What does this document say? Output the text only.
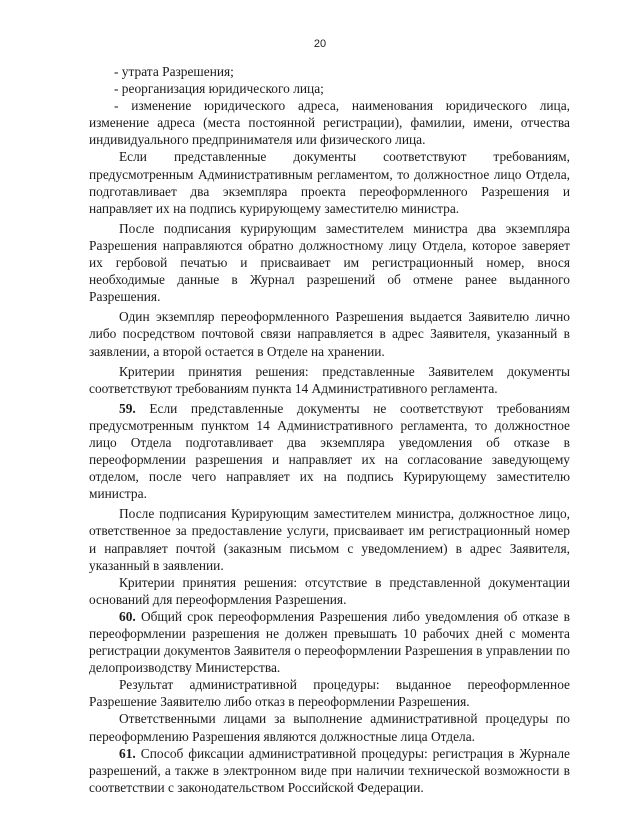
20

- утрата Разрешения;

- реорганизация юридического лица;

- изменение юридического адреса, наименования юридического лица, изменение адреса (места постоянной регистрации), фамилии, имени, отчества индивидуального предпринимателя или физического лица.

Если представленные документы соответствуют требованиям, предусмотренным Административным регламентом, то должностное лицо Отдела, подготавливает два экземпляра проекта переоформленного Разрешения и направляет их на подпись курирующему заместителю министра.

После подписания курирующим заместителем министра два экземпляра Разрешения направляются обратно должностному лицу Отдела, которое заверяет их гербовой печатью и присваивает им регистрационный номер, внося необходимые данные в Журнал разрешений об отмене ранее выданного Разрешения.

Один экземпляр переоформленного Разрешения выдается Заявителю лично либо посредством почтовой связи направляется в адрес Заявителя, указанный в заявлении, а второй остается в Отделе на хранении.

Критерии принятия решения: представленные Заявителем документы соответствуют требованиям пункта 14 Административного регламента.

59. Если представленные документы не соответствуют требованиям предусмотренным пунктом 14 Административного регламента, то должностное лицо Отдела подготавливает два экземпляра уведомления об отказе в переоформлении разрешения и направляет их на согласование заведующему отделом, после чего направляет их на подпись Курирующему заместителю министра.

После подписания Курирующим заместителем министра, должностное лицо, ответственное за предоставление услуги, присваивает им регистрационный номер и направляет почтой (заказным письмом с уведомлением) в адрес Заявителя, указанный в заявлении.

Критерии принятия решения: отсутствие в представленной документации оснований для переоформления Разрешения.

60. Общий срок переоформления Разрешения либо уведомления об отказе в переоформлении разрешения не должен превышать 10 рабочих дней с момента регистрации документов Заявителя о переоформлении Разрешения в управлении по делопроизводству Министерства.

Результат административной процедуры: выданное переоформленное Разрешение Заявителю либо отказ в переоформлении Разрешения.

Ответственными лицами за выполнение административной процедуры по переоформлению Разрешения являются должностные лица Отдела.

61. Способ фиксации административной процедуры: регистрация в Журнале разрешений, а также в электронном виде при наличии технической возможности в соответствии с законодательством Российской Федерации.
